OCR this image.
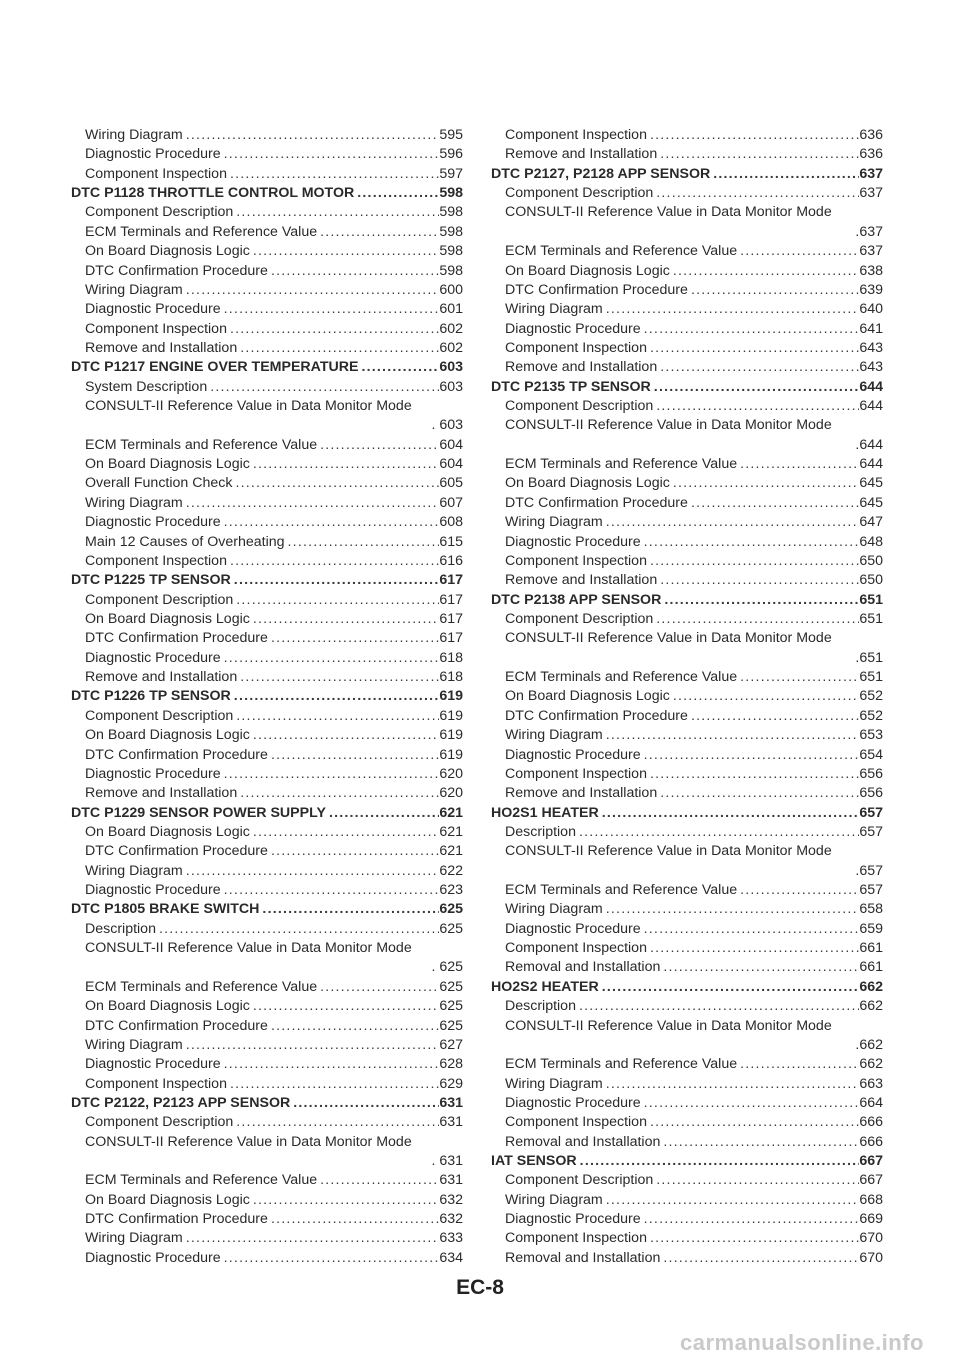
Wiring Diagram .....	595
Diagnostic Procedure .....	596
Component Inspection .....	597
DTC P1128 THROTTLE CONTROL MOTOR .....	598
Component Description .....	598
ECM Terminals and Reference Value .....	598
On Board Diagnosis Logic .....	598
DTC Confirmation Procedure .....	598
Wiring Diagram .....	600
Diagnostic Procedure .....	601
Component Inspection .....	602
Remove and Installation .....	602
DTC P1217 ENGINE OVER TEMPERATURE .....	603
System Description .....	603
CONSULT-II Reference Value in Data Monitor Mode
. 603
ECM Terminals and Reference Value .....	604
On Board Diagnosis Logic .....	604
Overall Function Check .....	605
Wiring Diagram .....	607
Diagnostic Procedure .....	608
Main 12 Causes of Overheating .....	615
Component Inspection .....	616
DTC P1225 TP SENSOR .....	617
Component Description .....	617
On Board Diagnosis Logic .....	617
DTC Confirmation Procedure .....	617
Diagnostic Procedure .....	618
Remove and Installation .....	618
DTC P1226 TP SENSOR .....	619
Component Description .....	619
On Board Diagnosis Logic .....	619
DTC Confirmation Procedure .....	619
Diagnostic Procedure .....	620
Remove and Installation .....	620
DTC P1229 SENSOR POWER SUPPLY .....	621
On Board Diagnosis Logic .....	621
DTC Confirmation Procedure .....	621
Wiring Diagram .....	622
Diagnostic Procedure .....	623
DTC P1805 BRAKE SWITCH .....	625
Description .....	625
CONSULT-II Reference Value in Data Monitor Mode
. 625
ECM Terminals and Reference Value .....	625
On Board Diagnosis Logic .....	625
DTC Confirmation Procedure .....	625
Wiring Diagram .....	627
Diagnostic Procedure .....	628
Component Inspection .....	629
DTC P2122, P2123 APP SENSOR .....	631
Component Description .....	631
CONSULT-II Reference Value in Data Monitor Mode
. 631
ECM Terminals and Reference Value .....	631
On Board Diagnosis Logic .....	632
DTC Confirmation Procedure .....	632
Wiring Diagram .....	633
Diagnostic Procedure .....	634
Component Inspection .....	636
Remove and Installation .....	636
DTC P2127, P2128 APP SENSOR .....	637
Component Description .....	637
CONSULT-II Reference Value in Data Monitor Mode
.637
ECM Terminals and Reference Value .....	637
On Board Diagnosis Logic .....	638
DTC Confirmation Procedure .....	639
Wiring Diagram .....	640
Diagnostic Procedure .....	641
Component Inspection .....	643
Remove and Installation .....	643
DTC P2135 TP SENSOR .....	644
Component Description .....	644
CONSULT-II Reference Value in Data Monitor Mode
.644
ECM Terminals and Reference Value .....	644
On Board Diagnosis Logic .....	645
DTC Confirmation Procedure .....	645
Wiring Diagram .....	647
Diagnostic Procedure .....	648
Component Inspection .....	650
Remove and Installation .....	650
DTC P2138 APP SENSOR .....	651
Component Description .....	651
CONSULT-II Reference Value in Data Monitor Mode
.651
ECM Terminals and Reference Value .....	651
On Board Diagnosis Logic .....	652
DTC Confirmation Procedure .....	652
Wiring Diagram .....	653
Diagnostic Procedure .....	654
Component Inspection .....	656
Remove and Installation .....	656
HO2S1 HEATER .....	657
Description .....	657
CONSULT-II Reference Value in Data Monitor Mode
.657
ECM Terminals and Reference Value .....	657
Wiring Diagram .....	658
Diagnostic Procedure .....	659
Component Inspection .....	661
Removal and Installation .....	661
HO2S2 HEATER .....	662
Description .....	662
CONSULT-II Reference Value in Data Monitor Mode
.662
ECM Terminals and Reference Value .....	662
Wiring Diagram .....	663
Diagnostic Procedure .....	664
Component Inspection .....	666
Removal and Installation .....	666
IAT SENSOR .....	667
Component Description .....	667
Wiring Diagram .....	668
Diagnostic Procedure .....	669
Component Inspection .....	670
Removal and Installation .....	670
EC-8
carmanualsonline.info
